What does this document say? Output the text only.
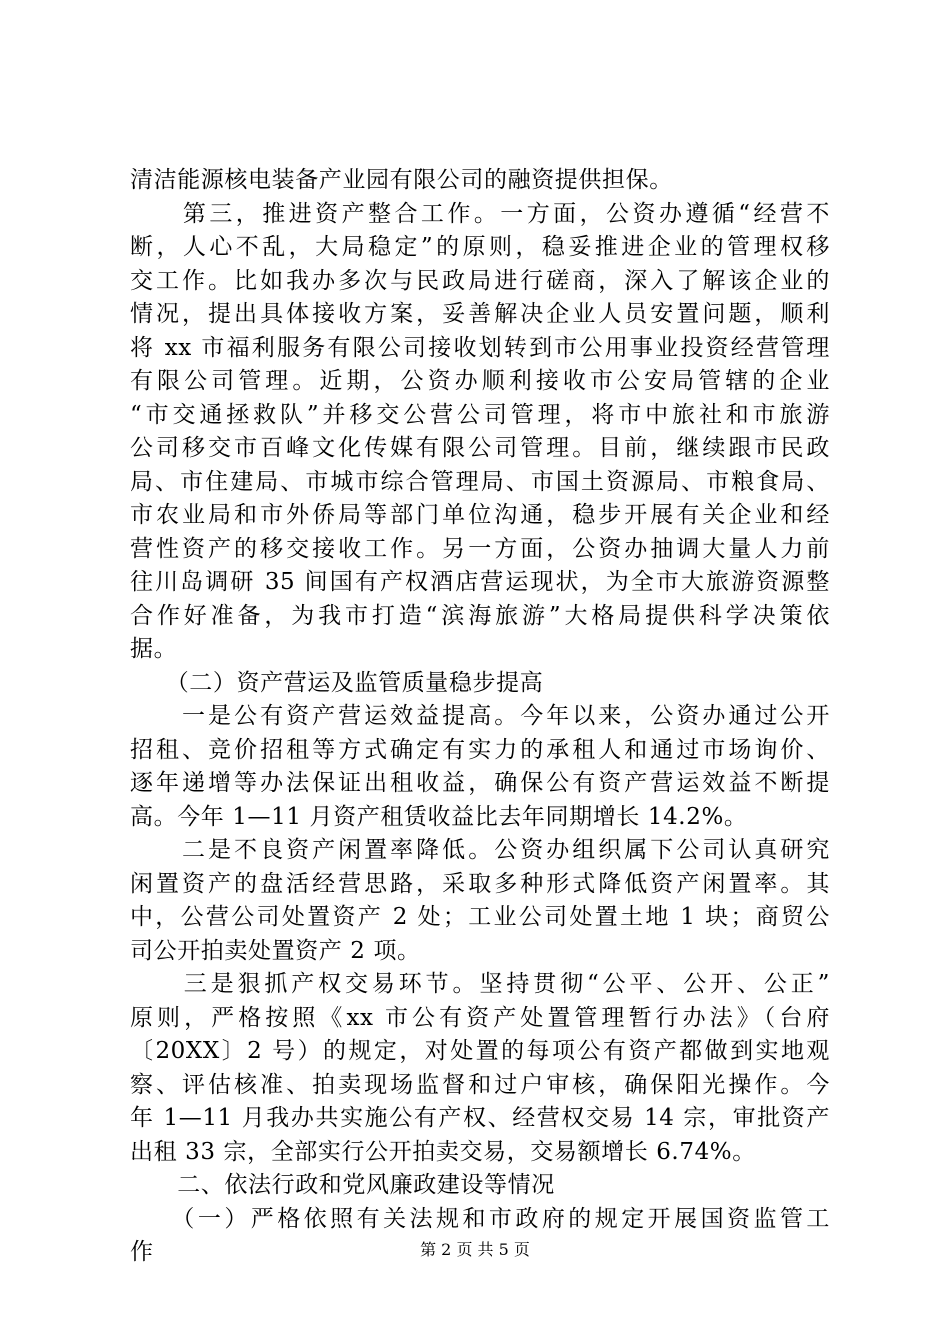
清洁能源核电装备产业园有限公司的融资提供担保。
　　第三，推进资产整合工作。一方面，公资办遵循“经营不
断，人心不乱，大局稳定”的原则，稳妥推进企业的管理权移
交工作。比如我办多次与民政局进行磋商，深入了解该企业的
情况，提出具体接收方案，妥善解决企业人员安置问题，顺利
将 xx 市福利服务有限公司接收划转到市公用事业投资经营管理
有限公司管理。近期，公资办顺利接收市公安局管辖的企业
“市交通拯救队”并移交公营公司管理，将市中旅社和市旅游
公司移交市百峰文化传媒有限公司管理。目前，继续跟市民政
局、市住建局、市城市综合管理局、市国土资源局、市粮食局、
市农业局和市外侨局等部门单位沟通，稳步开展有关企业和经
营性资产的移交接收工作。另一方面，公资办抽调大量人力前
往川岛调研 35 间国有产权酒店营运现状，为全市大旅游资源整
合作好准备，为我市打造“滨海旅游”大格局提供科学决策依
据。
　　（二）资产营运及监管质量稳步提高
　　一是公有资产营运效益提高。今年以来，公资办通过公开
招租、竞价招租等方式确定有实力的承租人和通过市场询价、
逐年递增等办法保证出租收益，确保公有资产营运效益不断提
高。今年 1—11 月资产租赁收益比去年同期增长 14.2%。
　　二是不良资产闲置率降低。公资办组织属下公司认真研究
闲置资产的盘活经营思路，采取多种形式降低资产闲置率。其
中，公营公司处置资产 2 处；工业公司处置土地 1 块；商贸公
司公开拍卖处置资产 2 项。
　　三是狠抓产权交易环节。坚持贯彻“公平、公开、公正”
原则，严格按照《xx 市公有资产处置管理暂行办法》（台府
〔20XX〕2 号）的规定，对处置的每项公有资产都做到实地观
察、评估核准、拍卖现场监督和过户审核，确保阳光操作。今
年 1—11 月我办共实施公有产权、经营权交易 14 宗，审批资产
出租 33 宗，全部实行公开拍卖交易，交易额增长 6.74%。
　　二、依法行政和党风廉政建设等情况
　　（一）严格依照有关法规和市政府的规定开展国资监管工
作	第 2 页 共 5 页
